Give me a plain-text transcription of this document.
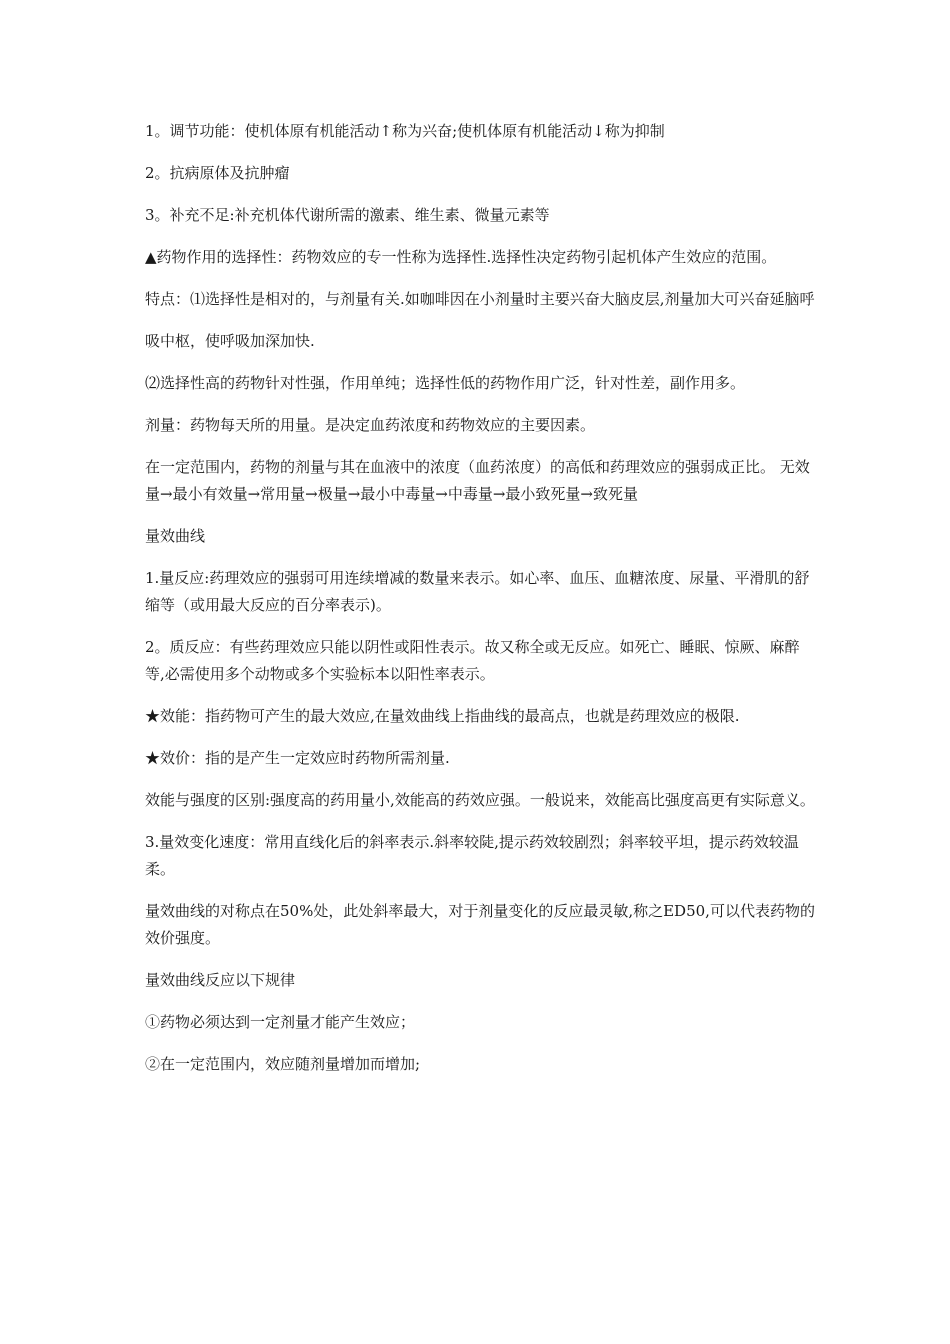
1。调节功能：使机体原有机能活动↑称为兴奋;使机体原有机能活动↓称为抑制

2。抗病原体及抗肿瘤

3。补充不足:补充机体代谢所需的激素、维生素、微量元素等

▲药物作用的选择性：药物效应的专一性称为选择性.选择性决定药物引起机体产生效应的范围。

特点：⑴选择性是相对的，与剂量有关.如咖啡因在小剂量时主要兴奋大脑皮层,剂量加大可兴奋延脑呼

吸中枢，使呼吸加深加快.

⑵选择性高的药物针对性强，作用单纯；选择性低的药物作用广泛，针对性差，副作用多。

剂量：药物每天所的用量。是决定血药浓度和药物效应的主要因素。

在一定范围内，药物的剂量与其在血液中的浓度（血药浓度）的高低和药理效应的强弱成正比。 无效量→最小有效量→常用量→极量→最小中毒量→中毒量→最小致死量→致死量

量效曲线

1.量反应:药理效应的强弱可用连续增减的数量来表示。如心率、血压、血糖浓度、尿量、平滑肌的舒缩等（或用最大反应的百分率表示)。

2。质反应：有些药理效应只能以阴性或阳性表示。故又称全或无反应。如死亡、睡眠、惊厥、麻醉等,必需使用多个动物或多个实验标本以阳性率表示。

★效能：指药物可产生的最大效应,在量效曲线上指曲线的最高点，也就是药理效应的极限.

★效价：指的是产生一定效应时药物所需剂量.

效能与强度的区别:强度高的药用量小,效能高的药效应强。一般说来，效能高比强度高更有实际意义。

3.量效变化速度：常用直线化后的斜率表示.斜率较陡,提示药效较剧烈；斜率较平坦，提示药效较温柔。

量效曲线的对称点在50%处，此处斜率最大，对于剂量变化的反应最灵敏,称之ED50,可以代表药物的效价强度。

量效曲线反应以下规律

①药物必须达到一定剂量才能产生效应；

②在一定范围内，效应随剂量增加而增加;
